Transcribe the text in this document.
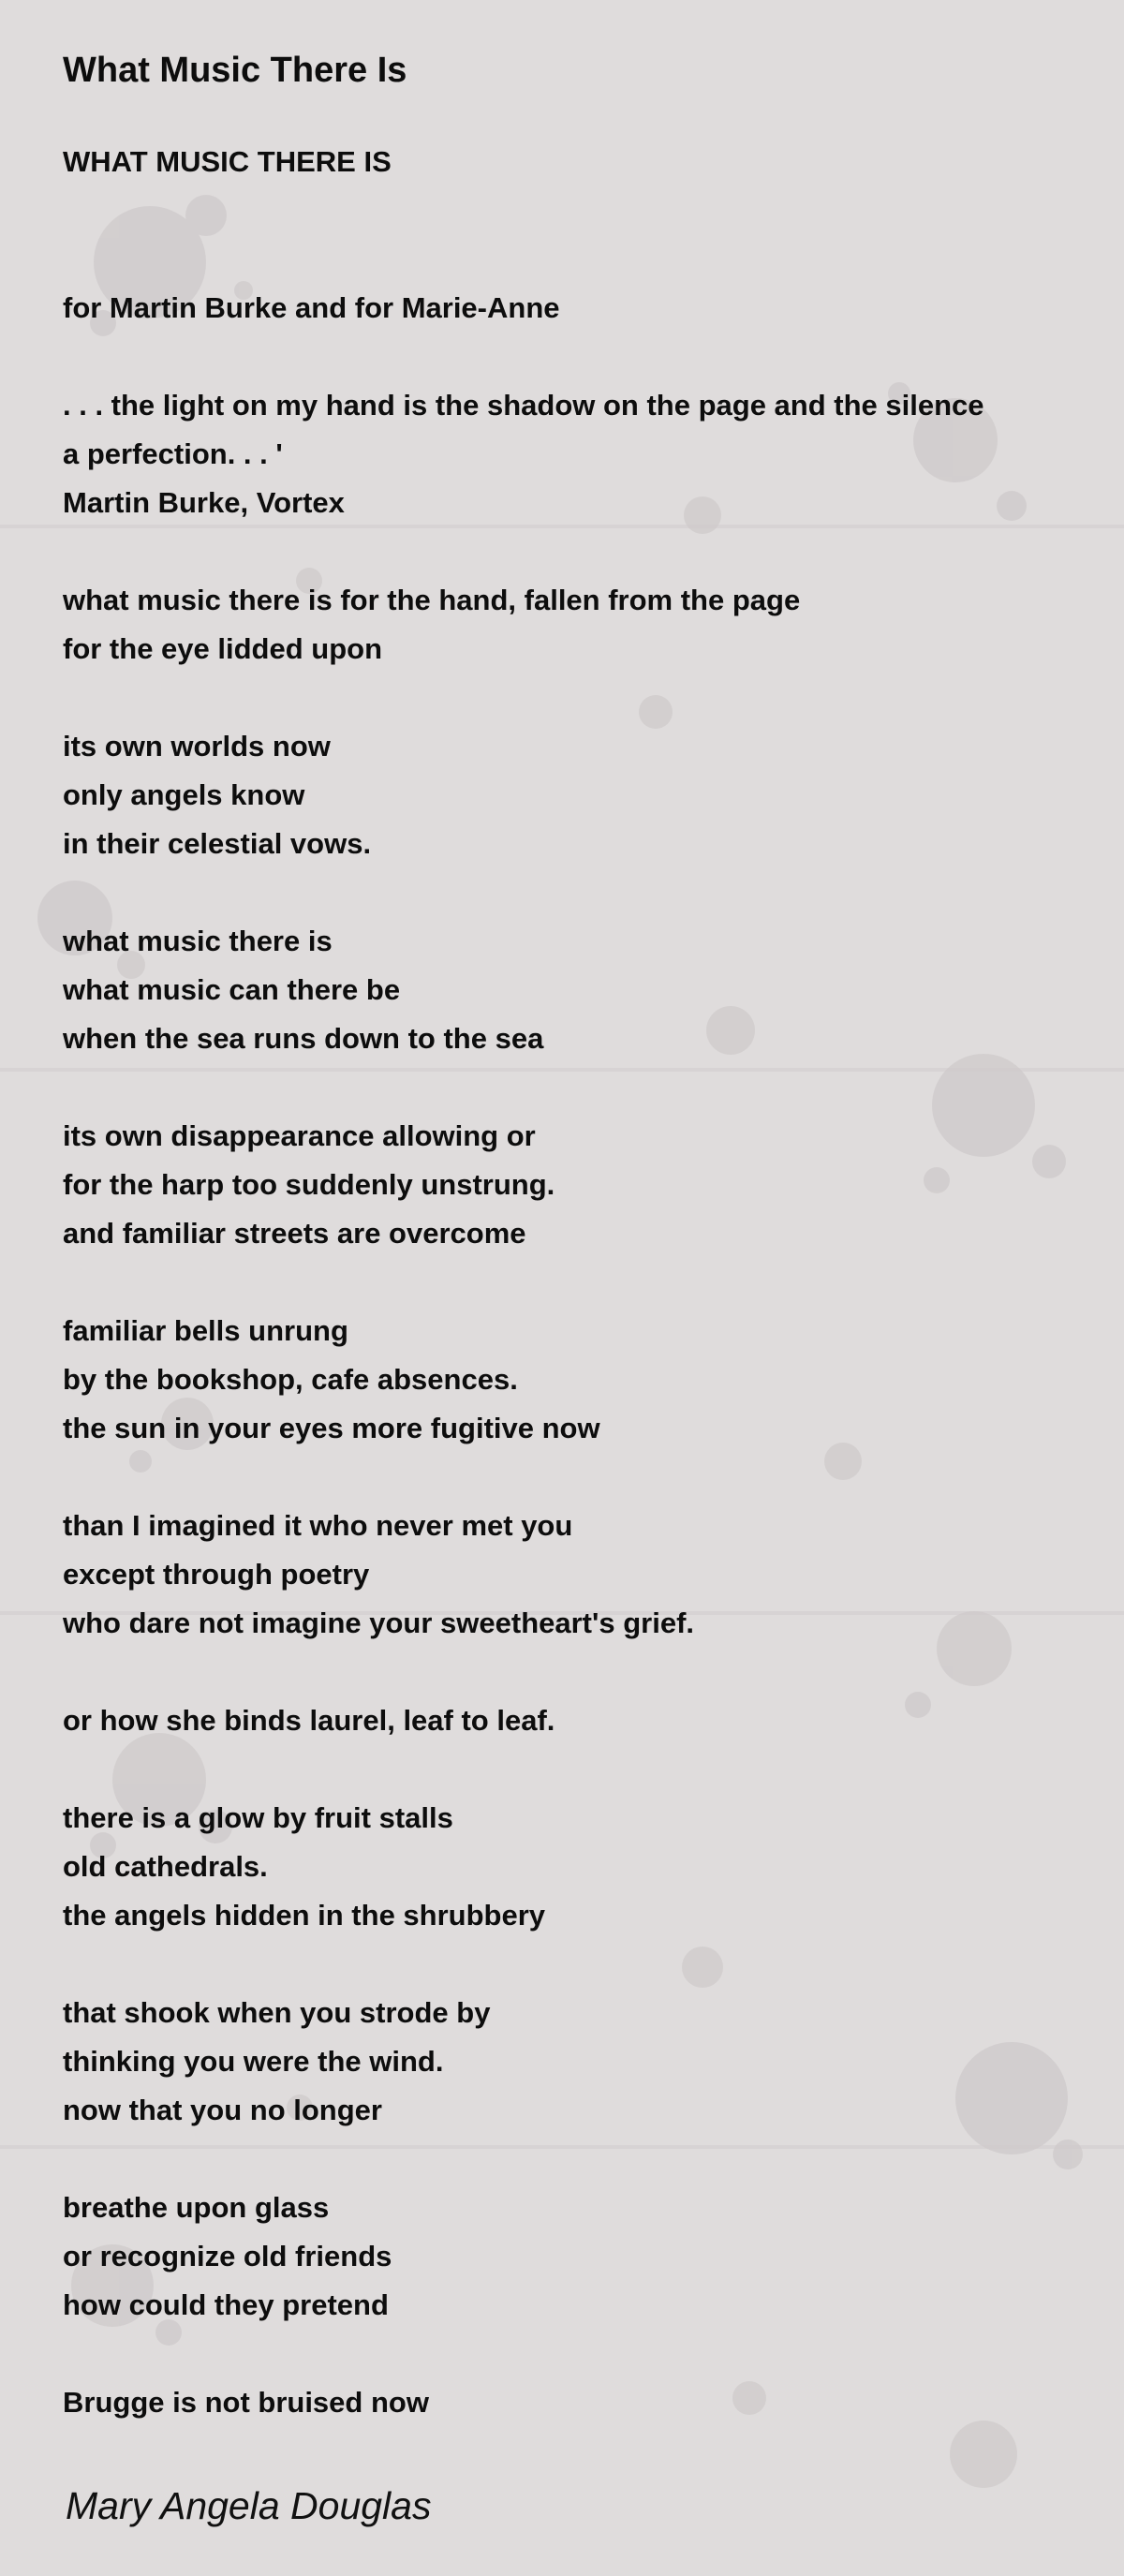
What Music There Is
WHAT MUSIC THERE IS
for Martin Burke and for Marie-Anne
. . . the light on my hand is the shadow on the page and the silence
a perfection. . . '
Martin Burke, Vortex
what music there is for the hand, fallen from the page
for the eye lidded upon
its own worlds now
only angels know
in their celestial vows.
what music there is
what music can there be
when the sea runs down to the sea
its own disappearance allowing or
for the harp too suddenly unstrung.
and familiar streets are overcome
familiar bells unrung
by the bookshop, cafe absences.
the sun in your eyes more fugitive now
than I imagined it who never met you
except through poetry
who dare not imagine your sweetheart's grief.
or how she binds laurel, leaf to leaf.
there is a glow by fruit stalls
old cathedrals.
the angels hidden in the shrubbery
that shook when you strode by
thinking you were the wind.
now that you no longer
breathe upon glass
or recognize old friends
how could they pretend
Brugge is not bruised now
Mary Angela Douglas
